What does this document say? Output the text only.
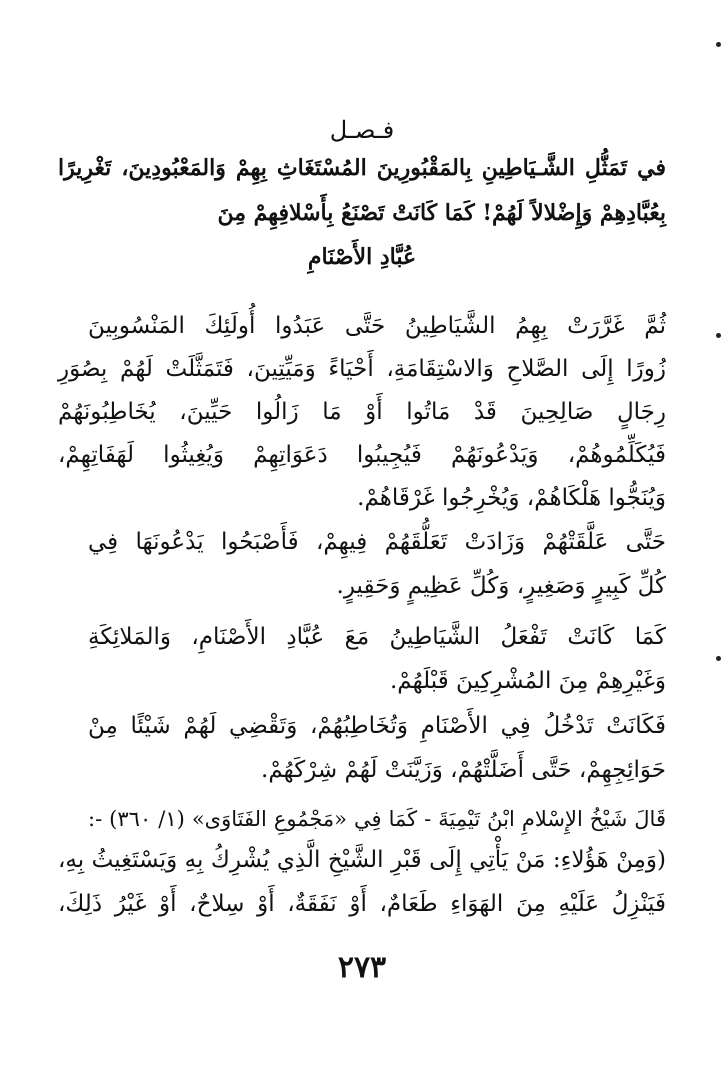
فـصـل
في تَمَثُّلِ الشَّـيَاطِينِ بِالمَقْبُورِينَ المُسْتَغَاثِ بِهِمْ وَالمَعْبُودِينَ، تَغْرِيرًا
بِعُبَّادِهِمْ وَإِضْلالاً لَهُمْ! كَمَا كَانَتْ تَصْنَعُ بِأَسْلافِهِمْ مِنَ
عُبَّادِ الأَصْنَامِ
ثُمَّ غَرَّرَتْ بِهِمُ الشَّيَاطِينُ حَتَّى عَبَدُوا أُولَئِكَ المَنْسُوبِينَ
زُورًا إِلَى الصَّلاحِ وَالاسْتِقَامَةِ، أَحْيَاءً وَمَيِّتِينَ، فَتَمَثَّلَتْ لَهُمْ بِصُوَرِ
رِجَالٍ صَالِحِينَ قَدْ مَاتُوا أَوْ مَا زَالُوا حَيِّينَ، يُخَاطِبُونَهُمْ
فَيُكَلِّمُوهُمْ، وَيَدْعُونَهُمْ فَيُجِيبُوا دَعَوَاتِهِمْ وَيُغِيثُوا لَهَفَاتِهِمْ،
وَيُنَجُّوا هَلْكَاهُمْ، وَيُخْرِجُوا غَرْقَاهُمْ.
حَتَّى عَلَّقَتْهُمْ وَزَادَتْ تَعَلُّقَهُمْ فِيهِمْ، فَأَصْبَحُوا يَدْعُونَهَا فِي
كُلِّ كَبِيرٍ وَصَغِيرٍ، وَكُلِّ عَظِيمٍ وَحَقِيرٍ.
كَمَا كَانَتْ تَفْعَلُ الشَّيَاطِينُ مَعَ عُبَّادِ الأَصْنَامِ، وَالمَلائِكَةِ
وَغَيْرِهِمْ مِنَ المُشْرِكِينَ قَبْلَهُمْ.
فَكَانَتْ تَدْخُلُ فِي الأَصْنَامِ وَتُخَاطِبُهُمْ، وَتَقْضِي لَهُمْ شَيْئًا مِنْ
حَوَائِجِهِمْ، حَتَّى أَضَلَّتْهُمْ، وَزَيَّنَتْ لَهُمْ شِرْكَهُمْ.
قَالَ شَيْخُ الإِسْلامِ ابْنُ تَيْمِيَةَ - كَمَا فِي «مَجْمُوعِ الفَتَاوَى» (١/ ٣٦٠) -:
(وَمِنْ هَؤُلاءِ: مَنْ يَأْتِي إِلَى قَبْرِ الشَّيْخِ الَّذِي يُشْرِكُ بِهِ وَيَسْتَغِيثُ بِهِ،
فَيَنْزِلُ عَلَيْهِ مِنَ الهَوَاءِ طَعَامٌ، أَوْ نَفَقَةٌ، أَوْ سِلاحٌ، أَوْ غَيْرُ ذَلِكَ،
٢٧٣
